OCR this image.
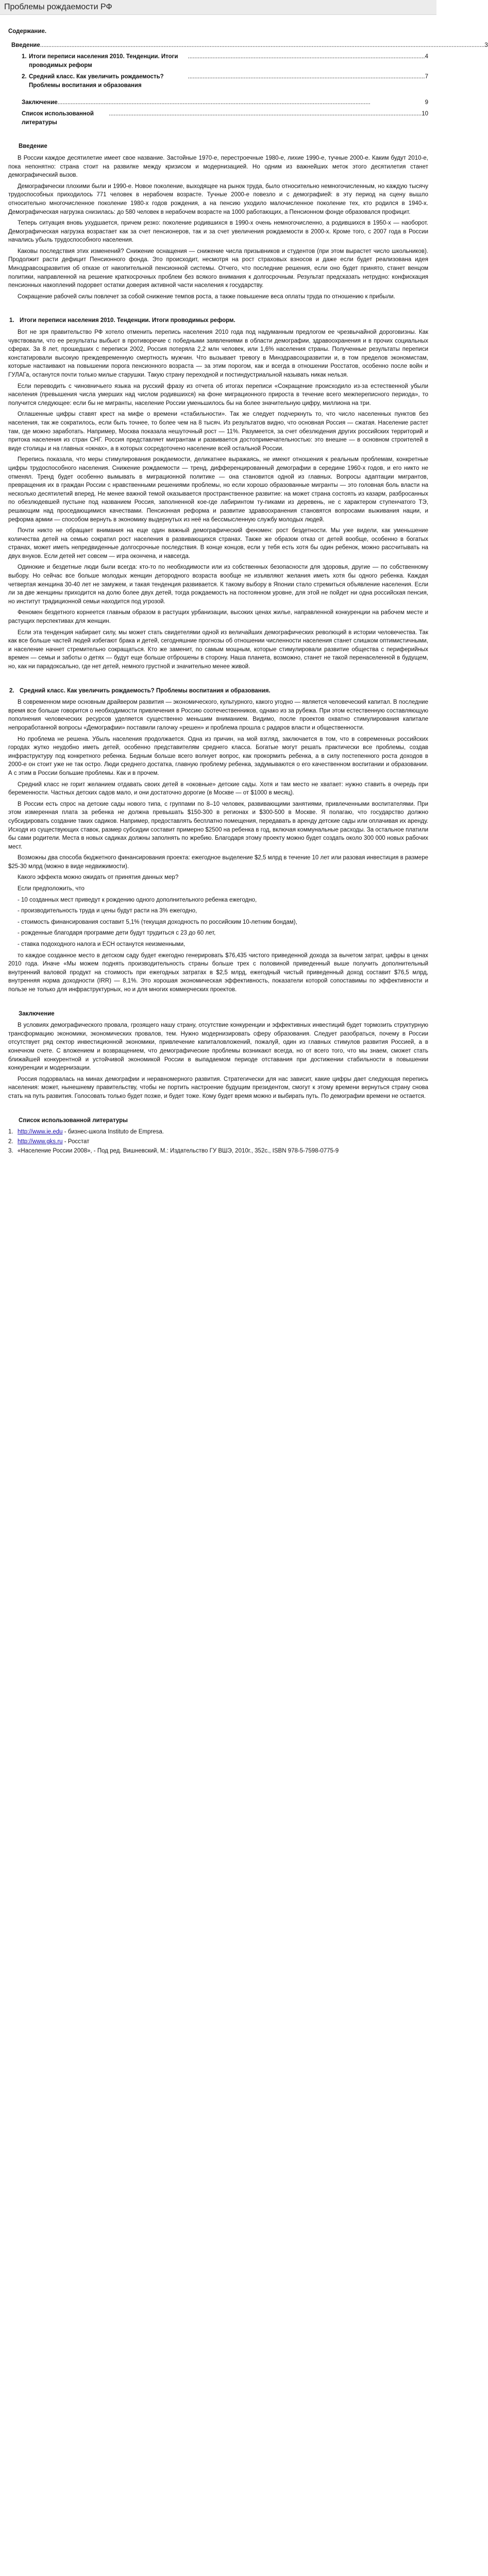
Проблемы рождаемости РФ
Содержание.
Введение .............................................................................................................................................................................................................................................................................. 3
1. Итоги переписи населения 2010. Тенденции. Итоги проводимых реформ
................................................................................................................................................ 4
2. Средний класс. Как увеличить рождаемость? Проблемы воспитания и образования
................................................................................................................................................ 7
Заключение ..............................................................................................................................................................................................	9
Список использованной литературы
.............................................................................................................................................................................................. 10
Введение

В России каждое десятилетие имеет свое название. Застойные 1970-е, перестроечные 1980-е, лихие 1990-е, тучные 2000-е. Каким будут 2010-е, пока непонятно: страна стоит на развилке между кризисом и модернизацией. Но одним из важнейших меток этого десятилетия станет демографический вызов.

Демографически плохими были и 1990-е. Новое поколение, выходящее на рынок труда, было относительно немногочисленным, но каждую тысячу трудоспособных приходилось 771 человек в нерабочем возрасте. Тучные 2000-е повезло и с демографией: в эту период на сцену вышло относительно многочисленное поколение 1980-х годов рождения, а на пенсию уходило малочисленное поколение тех, кто родился в 1940-х. Демографическая нагрузка снизилась: до 580 человек в нерабочем возрасте на 1000 работающих, а Пенсионном фонде образовался профицит.

Теперь ситуация вновь ухудшается, причем резко: поколение родившихся в 1990-х очень немногочисленно, а родившихся в 1950-х — наоборот. Демографическая нагрузка возрастает как за счет пенсионеров, так и за счет увеличения рождаемости в 2000-х. Кроме того, с 2007 года в России начались убыль трудоспособного населения.

Каковы последствия этих изменений? Снижение оснащения — снижение числа призывников и студентов (при этом вырастет число школьников). Продолжит расти дефицит Пенсионного фонда. Это происходит, несмотря на рост страховых взносов и даже если будет реализована идея Минздравсоцразвития об отказе от накопительной пенсионной системы. Отчего, что последние решения, если оно будет принято, станет венцом политики, направленной на решение краткосрочных проблем без всякого внимания к долгосрочным. Результат предсказать нетрудно: конфискация пенсионных накоплений подорвет остатки доверия активной части населения к государству.

Сокращение рабочей силы повлечет за собой снижение темпов роста, а также повышение веса оплаты труда по отношению к прибыли.

1. Итоги переписи населения 2010. Тенденции. Итоги проводимых реформ.

Вот не зря правительство РФ хотело отменить перепись населения 2010 года под надуманным предлогом ее чрезвычайной дороговизны. Как чувствовали, что ее результаты выбьют в противоречие с победными заявлениями в области демографии, здравоохранения и в прочих социальных сферах. За 8 лет, прошедших с переписи 2002, Россия потеряла 2,2 млн человек, или 1,6% населения страны. Полученные результаты переписи констатировали высокую преждевременную смертность мужчин. Что вызывает тревогу в Минздравсоцразвитии и, в том пределов экономистам, которые настаивают на повышении порога пенсионного возраста — за этим порогом, как и всегда в отношении Росстатов, особенно после войн и ГУЛАГа, останутся почти только милые старушки. Такую страну переходной и постиндустриальной называть никак нельзя.

Если переводить с чиновничьего языка на русский фразу из отчета об итогах переписи «Сокращение происходило из-за естественной убыли населения (превышения числа умерших над числом родившихся) на фоне миграционного прироста в течение всего межпереписного периода», то получится следующее: если бы не мигранты, население России уменьшилось бы на более значительную цифру, миллиона на три.

Оглашенные цифры ставят крест на мифе о времени «стабильности». Так же следует подчеркнуть то, что число населенных пунктов без населения, так же сократилось, если быть точнее, то более чем на 8 тысяч. Из результатов видно, что основная Россия — сжатая. Население растет там, где можно заработать. Например, Москва показала нешуточный рост — 11%. Разумеется, за счет обезлюдения других российских территорий и притока населения из стран СНГ. Россия представляет мигрантам и развивается достопримечательностью: это внешне — в основном строителей в виде столицы и на главных «окнах», а в которых сосредоточено население всей остальной России.

Перепись показала, что меры стимулирования рождаемости, деликатнее выражаясь, не имеют отношения к реальным проблемам, конкретные цифры трудоспособного населения. Снижение рождаемости — тренд, дифференцированный демографии в середине 1960-х годов, и его никто не отменял. Тренд будет особенно вымывать в миграционной политике — она становится одной из главных. Вопросы адаптации мигрантов, превращения их в граждан России с нравственными решениями проблемы, но если хорошо образованные мигранты — это головная боль власти на несколько десятилетий вперед. Не менее важной темой оказывается пространственное развитие: на может страна состоять из казарм, разбросанных по обезлюдевшей пустыне под названием Россия, заполненной кое-где лабиринтом ту-пиками из деревень, не с характером ступенчатого ТЭ, решающим над проседающимися качествами. Пенсионная реформа и развитие здравоохранения становятся вопросами выживания нации, и реформа армии — способом вернуть в экономику выдернутых из неё на бессмысленную службу молодых людей.

Почти никто не обращает внимания на еще один важный демографический феномен: рост бездетности. Мы уже видели, как уменьшение количества детей на семью сократил рост населения в развивающихся странах. Также же образом отказ от детей вообще, особенно в богатых странах, может иметь непредвиденные долгосрочные последствия. В конце концов, если у тебя есть хотя бы один ребенок, можно рассчитывать на двух внуков. Если детей нет совсем — игра окончена, и навсегда.

Одинокие и бездетные люди были всегда: кто-то по необходимости или из собственных безопасности для здоровья, другие — по собственному выбору. Но сейчас все больше молодых женщин детородного возраста вообще не изъявляют желания иметь хотя бы одного ребенка. Каждая четвертая женщина 30-40 лет не замужем, и такая тенденция развивается. К такому выбору в Японии стало стремиться объявление населения. Если ли за две женщины приходится на долю более двух детей, тогда рождаемость на постоянном уровне, для этой не пойдет ни одна российская пенсия, но институт традиционной семьи находится под угрозой.

Феномен бездетного корнеется главным образом в растущих урбанизации, высоких ценах жилье, направленной конкуренции на рабочем месте и растущих перспективах для женщин.

Если эта тенденция набирает силу, мы может стать свидетелями одной из величайших демографических революций в истории человечества. Так как все больше частей людей избегают брака и детей, сегодняшние прогнозы об отношении численности населения станет слишком оптимистичными, и население начнет стремительно сокращаться. Кто же заменит, по самым мощным, которые стимулировали развитие общества с периферийных времен — семьи и заботы о детях — будут еще больше отброшены в сторону. Наша планета, возможно, станет не такой перенаселенной в будущем, но, как ни парадоксально, где нет детей, немного грустной и значительно менее живой.

2. Средний класс. Как увеличить рождаемость? Проблемы воспитания и образования.

В современном мире основным драйвером развития — экономического, культурного, какого угодно — является человеческий капитал. В последние время все больше говорится о необходимости привлечения в Россию соотечественников, однако из за рубежа. При этом естественную составляющую пополнения человеческих ресурсов уделяется существенно меньшим вниманием. Видимо, после проектов охватно стимулирования капитале непроработанной вопросы «Демографии» поставили галочку «решен» и проблема прошла с радаров власти и общественности.

Но проблема не решена. Убыль населения продолжается. Одна из причин, на мой взгляд, заключается в том, что в современных российских городах жутко неудобно иметь детей, особенно представителям среднего класса. Богатые могут решать практически все проблемы, создав инфраструктуру под конкретного ребенка. Бедным больше всего волнует вопрос, как прокормить ребенка, а в силу постепенного роста доходов в 2000-е он стоит уже не так остро. Люди среднего достатка, главную проблему ребенка, задумываются о его качественном воспитании и образовании. А с этим в России большие проблемы. Как и в прочем.

Средний класс не горит желанием отдавать своих детей в «оковные» детские сады. Хотя и там место не хватает: нужно ставить в очередь при беременности. Частных детских садов мало, и они достаточно дорогие (в Москве — от $1000 в месяц).

В России есть спрос на детские сады нового типа, с группами по 8–10 человек, развивающими занятиями, привлеченными воспитателями. При этом измеренная плата за ребенка не должна превышать $150-300 в регионах и $300-500 в Москве. Я полагаю, что государство должно субсидировать создание таких садиков. Например, предоставлять бесплатно помещения, передавать в аренду детские сады или оплачивая их аренду. Исходя из существующих ставок, размер субсидии составит примерно $2500 на ребенка в год, включая коммунальные расходы. За остальное платили бы сами родители. Места в новых садиках должны заполнять по жребию. Благодаря этому проекту можно будет создать около 300 000 новых рабочих мест.

Возможны два способа бюджетного финансирования проекта: ежегодное выделение $2,5 млрд в течение 10 лет или разовая инвестиция в размере $25-30 млрд (можно в виде недвижимости).

Какого эффекта можно ожидать от принятия данных мер?

Если предположить, что

- 10 созданных мест приведут к рождению одного дополнительного ребенка ежегодно,

- производительность труда и цены будут расти на 3% ежегодно,

- стоимость финансирования составит 5,1% (текущая доходность по российским 10-летним бондам),

- рожденные благодаря программе дети будут трудиться с 23 до 60 лет,

- ставка подоходного налога и ЕСН останутся неизменными,

то каждое созданное место в детском саду будет ежегодно генерировать $76,435 чистого приведенной дохода за вычетом затрат, цифры в ценах 2010 года. Иначе «Мы можем поднять производительность страны больше трех с половиной приведенный выше получить дополнительный внутренний валовой продукт на стоимость при ежегодных затратах в $2,5 млрд, ежегодный чистый приведенный доход составит $76,5 млрд, внутренняя норма доходности (IRR) — 8,1%. Это хорошая экономическая эффективность, показатели которой сопоставимы по эффективности и пользе не только для инфраструктурных, но и для многих коммерческих проектов.

Заключение

В условиях демографического провала, грозящего нашу страну, отсутствие конкуренции и эффективных инвестиций будет тормозить структурную трансформацию экономики, экономических провалов, тем. Нужно модернизировать сферу образования. Следует разобраться, почему в России отсутствует ряд сектор инвестиционной экономики, привлечение капиталовложений, пожалуй, один из главных стимулов развития Россией, а в конечном счете. С вложением и возвращением, что демографические проблемы возникают всегда, но от всего того, что мы знаем, сможет стать ближайшей конкурентной и устойчивой экономикой России в выпадаемом периоде отставания при достижении стабильности в повышении конкуренции и модернизации.

Россия подорвалась на минах демографии и неравномерного развития. Стратегически для нас зависит, какие цифры дает следующая перепись населения: может, нынешнему правительству, чтобы не портить настроение будущим президентом, смогут к этому времени вернуться страну снова стать на путь развития. Голосовать только будет позже, и будет тоже. Кому будет время можно и выбирать путь. По демографии времени не остается.

Список использованной литературы
1. http://www.ie.edu - бизнес-школа Instituto de Empresa.
2. http://www.gks.ru - Росстат
3. «Население России 2008», - Под ред. Вишневский, М.: Издательство ГУ ВШЭ, 2010г., 352с., ISBN 978-5-7598-0775-9
